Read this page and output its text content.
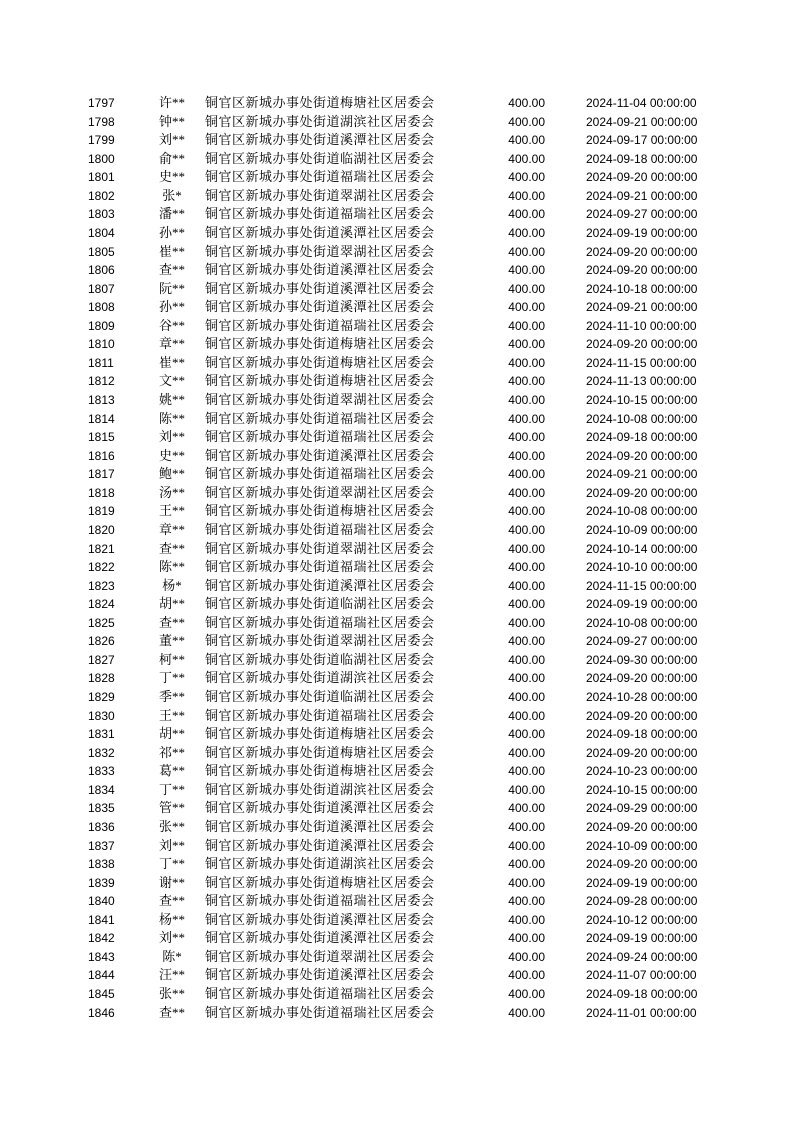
1797	许**	铜官区新城办事处街道梅塘社区居委会	400.00	2024-11-04 00:00:00
1798	钟**	铜官区新城办事处街道湖滨社区居委会	400.00	2024-09-21 00:00:00
1799	刘**	铜官区新城办事处街道溪潭社区居委会	400.00	2024-09-17 00:00:00
1800	俞**	铜官区新城办事处街道临湖社区居委会	400.00	2024-09-18 00:00:00
1801	史**	铜官区新城办事处街道福瑞社区居委会	400.00	2024-09-20 00:00:00
1802	张*	铜官区新城办事处街道翠湖社区居委会	400.00	2024-09-21 00:00:00
1803	潘**	铜官区新城办事处街道福瑞社区居委会	400.00	2024-09-27 00:00:00
1804	孙**	铜官区新城办事处街道溪潭社区居委会	400.00	2024-09-19 00:00:00
1805	崔**	铜官区新城办事处街道翠湖社区居委会	400.00	2024-09-20 00:00:00
1806	查**	铜官区新城办事处街道溪潭社区居委会	400.00	2024-09-20 00:00:00
1807	阮**	铜官区新城办事处街道溪潭社区居委会	400.00	2024-10-18 00:00:00
1808	孙**	铜官区新城办事处街道溪潭社区居委会	400.00	2024-09-21 00:00:00
1809	谷**	铜官区新城办事处街道福瑞社区居委会	400.00	2024-11-10 00:00:00
1810	章**	铜官区新城办事处街道梅塘社区居委会	400.00	2024-09-20 00:00:00
1811	崔**	铜官区新城办事处街道梅塘社区居委会	400.00	2024-11-15 00:00:00
1812	文**	铜官区新城办事处街道梅塘社区居委会	400.00	2024-11-13 00:00:00
1813	姚**	铜官区新城办事处街道翠湖社区居委会	400.00	2024-10-15 00:00:00
1814	陈**	铜官区新城办事处街道福瑞社区居委会	400.00	2024-10-08 00:00:00
1815	刘**	铜官区新城办事处街道福瑞社区居委会	400.00	2024-09-18 00:00:00
1816	史**	铜官区新城办事处街道溪潭社区居委会	400.00	2024-09-20 00:00:00
1817	鲍**	铜官区新城办事处街道福瑞社区居委会	400.00	2024-09-21 00:00:00
1818	汤**	铜官区新城办事处街道翠湖社区居委会	400.00	2024-09-20 00:00:00
1819	王**	铜官区新城办事处街道梅塘社区居委会	400.00	2024-10-08 00:00:00
1820	章**	铜官区新城办事处街道福瑞社区居委会	400.00	2024-10-09 00:00:00
1821	查**	铜官区新城办事处街道翠湖社区居委会	400.00	2024-10-14 00:00:00
1822	陈**	铜官区新城办事处街道福瑞社区居委会	400.00	2024-10-10 00:00:00
1823	杨*	铜官区新城办事处街道溪潭社区居委会	400.00	2024-11-15 00:00:00
1824	胡**	铜官区新城办事处街道临湖社区居委会	400.00	2024-09-19 00:00:00
1825	查**	铜官区新城办事处街道福瑞社区居委会	400.00	2024-10-08 00:00:00
1826	董**	铜官区新城办事处街道翠湖社区居委会	400.00	2024-09-27 00:00:00
1827	柯**	铜官区新城办事处街道临湖社区居委会	400.00	2024-09-30 00:00:00
1828	丁**	铜官区新城办事处街道湖滨社区居委会	400.00	2024-09-20 00:00:00
1829	季**	铜官区新城办事处街道临湖社区居委会	400.00	2024-10-28 00:00:00
1830	王**	铜官区新城办事处街道福瑞社区居委会	400.00	2024-09-20 00:00:00
1831	胡**	铜官区新城办事处街道梅塘社区居委会	400.00	2024-09-18 00:00:00
1832	祁**	铜官区新城办事处街道梅塘社区居委会	400.00	2024-09-20 00:00:00
1833	葛**	铜官区新城办事处街道梅塘社区居委会	400.00	2024-10-23 00:00:00
1834	丁**	铜官区新城办事处街道湖滨社区居委会	400.00	2024-10-15 00:00:00
1835	管**	铜官区新城办事处街道溪潭社区居委会	400.00	2024-09-29 00:00:00
1836	张**	铜官区新城办事处街道溪潭社区居委会	400.00	2024-09-20 00:00:00
1837	刘**	铜官区新城办事处街道溪潭社区居委会	400.00	2024-10-09 00:00:00
1838	丁**	铜官区新城办事处街道湖滨社区居委会	400.00	2024-09-20 00:00:00
1839	谢**	铜官区新城办事处街道梅塘社区居委会	400.00	2024-09-19 00:00:00
1840	查**	铜官区新城办事处街道福瑞社区居委会	400.00	2024-09-28 00:00:00
1841	杨**	铜官区新城办事处街道溪潭社区居委会	400.00	2024-10-12 00:00:00
1842	刘**	铜官区新城办事处街道溪潭社区居委会	400.00	2024-09-19 00:00:00
1843	陈*	铜官区新城办事处街道翠湖社区居委会	400.00	2024-09-24 00:00:00
1844	汪**	铜官区新城办事处街道溪潭社区居委会	400.00	2024-11-07 00:00:00
1845	张**	铜官区新城办事处街道福瑞社区居委会	400.00	2024-09-18 00:00:00
1846	查**	铜官区新城办事处街道福瑞社区居委会	400.00	2024-11-01 00:00:00
